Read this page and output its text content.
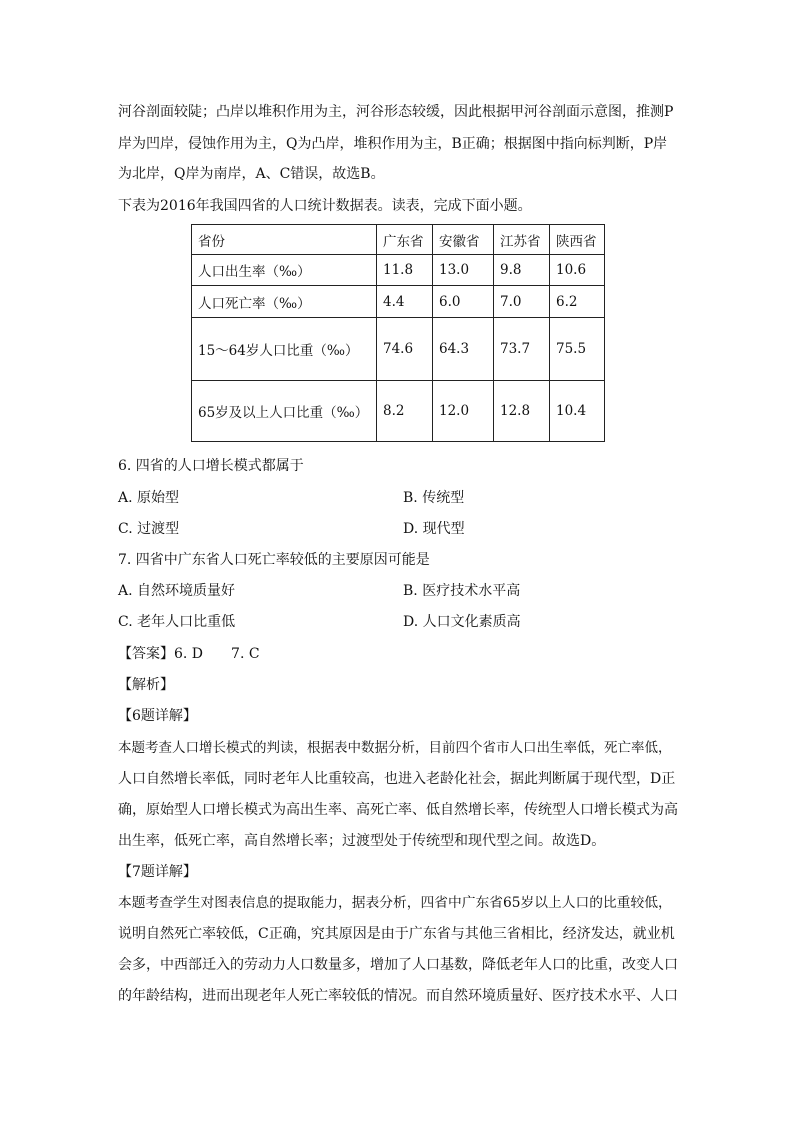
河谷剖面较陡；凸岸以堆积作用为主，河谷形态较缓，因此根据甲河谷剖面示意图，推测P
岸为凹岸，侵蚀作用为主，Q为凸岸，堆积作用为主，B正确；根据图中指向标判断，P岸
为北岸，Q岸为南岸，A、C错误，故选B。
下表为2016年我国四省的人口统计数据表。读表，完成下面小题。
省份	广东省	安徽省	江苏省	陕西省
人口出生率（‰）	11.8	13.0	9.8	10.6
人口死亡率（‰）	4.4	6.0	7.0	6.2
15～64岁人口比重（‰）	74.6	64.3	73.7	75.5
65岁及以上人口比重（‰）	8.2	12.0	12.8	10.4
6. 四省的人口增长模式都属于
A. 原始型	B. 传统型
C. 过渡型	D. 现代型
7. 四省中广东省人口死亡率较低的主要原因可能是
A. 自然环境质量好	B. 医疗技术水平高
C. 老年人口比重低	D. 人口文化素质高
【答案】6. D　　7. C
【解析】
【6题详解】
本题考查人口增长模式的判读，根据表中数据分析，目前四个省市人口出生率低，死亡率低，
人口自然增长率低，同时老年人比重较高，也进入老龄化社会，据此判断属于现代型，D正
确，原始型人口增长模式为高出生率、高死亡率、低自然增长率，传统型人口增长模式为高
出生率，低死亡率，高自然增长率；过渡型处于传统型和现代型之间。故选D。
【7题详解】
本题考查学生对图表信息的提取能力，据表分析，四省中广东省65岁以上人口的比重较低，
说明自然死亡率较低，C正确，究其原因是由于广东省与其他三省相比，经济发达，就业机
会多，中西部迁入的劳动力人口数量多，增加了人口基数，降低老年人口的比重，改变人口
的年龄结构，进而出现老年人死亡率较低的情况。而自然环境质量好、医疗技术水平、人口
